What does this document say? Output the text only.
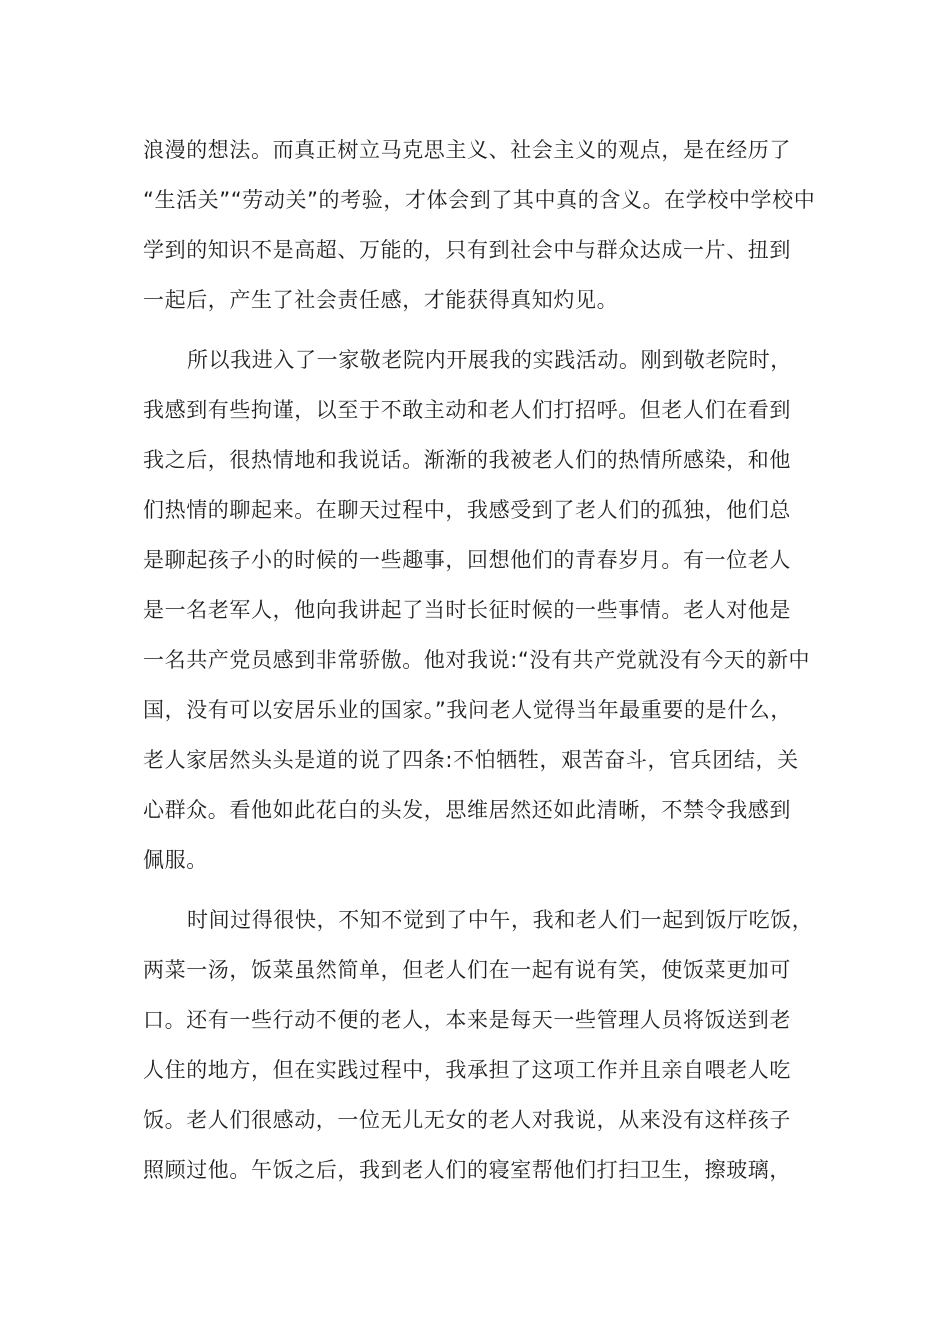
浪漫的想法。而真正树立马克思主义、社会主义的观点，是在经历了
“生活关”“劳动关”的考验，才体会到了其中真的含义。在学校中学校中
学到的知识不是高超、万能的，只有到社会中与群众达成一片、扭到
一起后，产生了社会责任感，才能获得真知灼见。
所以我进入了一家敬老院内开展我的实践活动。刚到敬老院时，
我感到有些拘谨，以至于不敢主动和老人们打招呼。但老人们在看到
我之后，很热情地和我说话。渐渐的我被老人们的热情所感染，和他
们热情的聊起来。在聊天过程中，我感受到了老人们的孤独，他们总
是聊起孩子小的时候的一些趣事，回想他们的青春岁月。有一位老人
是一名老军人，他向我讲起了当时长征时候的一些事情。老人对他是
一名共产党员感到非常骄傲。他对我说:“没有共产党就没有今天的新中
国，没有可以安居乐业的国家。”我问老人觉得当年最重要的是什么，
老人家居然头头是道的说了四条:不怕牺牲，艰苦奋斗，官兵团结，关
心群众。看他如此花白的头发，思维居然还如此清晰，不禁令我感到
佩服。
时间过得很快，不知不觉到了中午，我和老人们一起到饭厅吃饭，
两菜一汤，饭菜虽然简单，但老人们在一起有说有笑，使饭菜更加可
口。还有一些行动不便的老人，本来是每天一些管理人员将饭送到老
人住的地方，但在实践过程中，我承担了这项工作并且亲自喂老人吃
饭。老人们很感动，一位无儿无女的老人对我说，从来没有这样孩子
照顾过他。午饭之后，我到老人们的寝室帮他们打扫卫生，擦玻璃，
